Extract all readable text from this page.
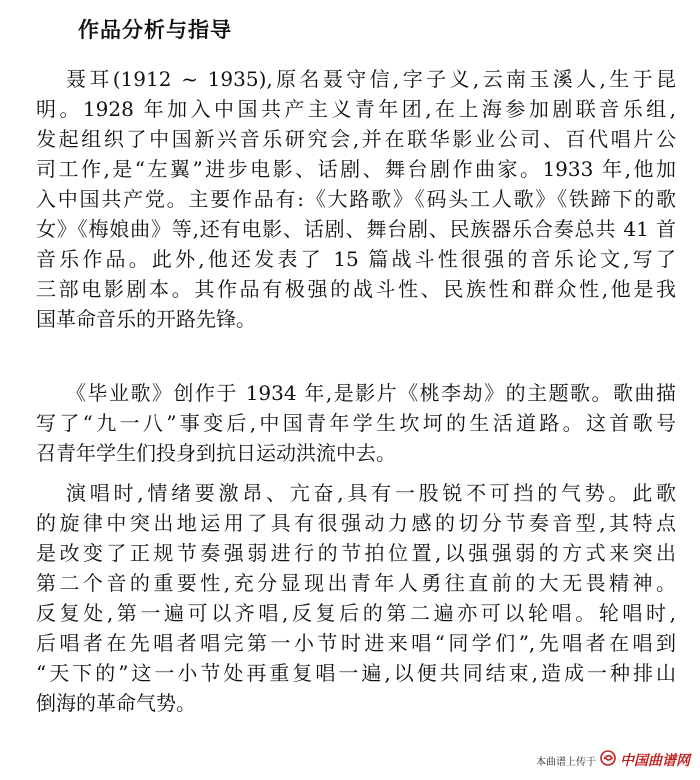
作品分析与指导
聂耳(1912 ~ 1935),原名聂守信,字子义,云南玉溪人,生于昆
明。1928 年加入中国共产主义青年团,在上海参加剧联音乐组,
发起组织了中国新兴音乐研究会,并在联华影业公司、百代唱片公
司工作,是“左翼”进步电影、话剧、舞台剧作曲家。1933 年,他加
入中国共产党。主要作品有:《大路歌》《码头工人歌》《铁蹄下的歌
女》《梅娘曲》等,还有电影、话剧、舞台剧、民族器乐合奏总共 41 首
音乐作品。此外,他还发表了 15 篇战斗性很强的音乐论文,写了
三部电影剧本。其作品有极强的战斗性、民族性和群众性,他是我
国革命音乐的开路先锋。
《毕业歌》创作于 1934 年,是影片《桃李劫》的主题歌。歌曲描
写了“九一八”事变后,中国青年学生坎坷的生活道路。这首歌号
召青年学生们投身到抗日运动洪流中去。
演唱时,情绪要激昂、亢奋,具有一股锐不可挡的气势。此歌
的旋律中突出地运用了具有很强动力感的切分节奏音型,其特点
是改变了正规节奏强弱进行的节拍位置,以强强弱的方式来突出
第二个音的重要性,充分显现出青年人勇往直前的大无畏精神。
反复处,第一遍可以齐唱,反复后的第二遍亦可以轮唱。轮唱时,
后唱者在先唱者唱完第一小节时进来唱“同学们”,先唱者在唱到
“天下的”这一小节处再重复唱一遍,以便共同结束,造成一种排山
倒海的革命气势。
本曲谱上传于 中国曲谱网
